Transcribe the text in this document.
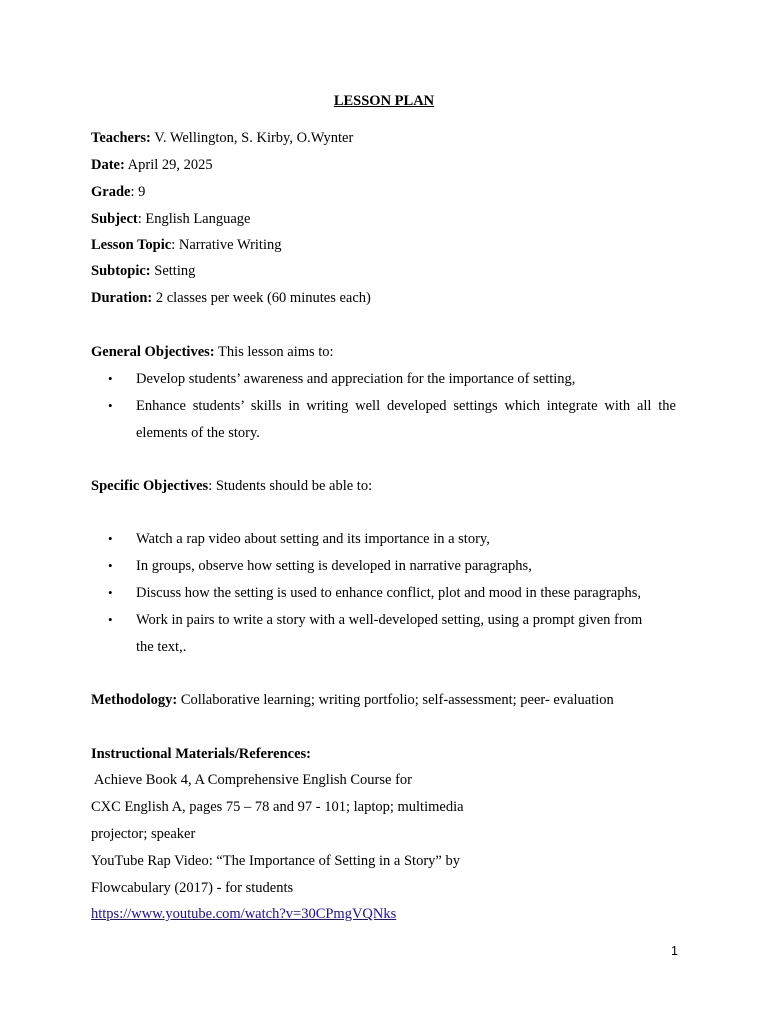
LESSON PLAN
Teachers: V. Wellington, S. Kirby, O.Wynter
Date: April 29, 2025
Grade: 9
Subject: English Language
Lesson Topic: Narrative Writing
Subtopic: Setting
Duration: 2 classes per week (60 minutes each)
General Objectives: This lesson aims to:
• Develop students’ awareness and appreciation for the importance of setting,
• Enhance students’ skills in writing well developed settings which integrate with all the
elements of the story.
Specific Objectives: Students should be able to:
• Watch a rap video about setting and its importance in a story,
• In groups, observe how setting is developed in narrative paragraphs,
• Discuss how the setting is used to enhance conflict, plot and mood in these paragraphs,
• Work in pairs to write a story with a well-developed setting, using a prompt given from
the text,.
Methodology: Collaborative learning; writing portfolio; self-assessment; peer- evaluation
Instructional Materials/References:
Achieve Book 4, A Comprehensive English Course for
CXC English A, pages 75 – 78 and 97 - 101; laptop; multimedia
projector; speaker
YouTube Rap Video: “The Importance of Setting in a Story” by
Flowcabulary (2017) - for students
https://www.youtube.com/watch?v=30CPmgVQNks
1
